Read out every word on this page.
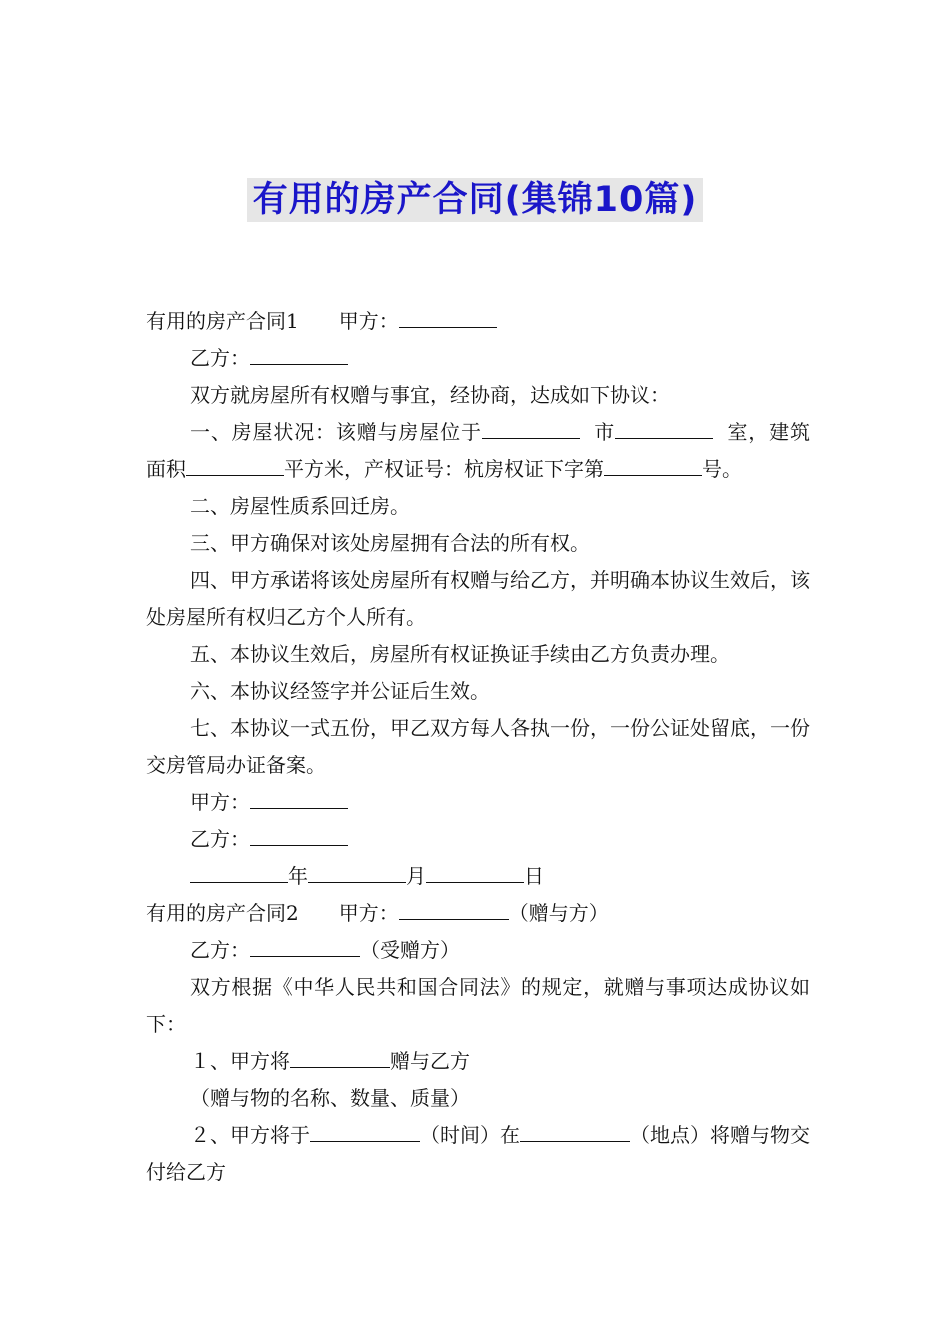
有用的房产合同(集锦10篇)

有用的房产合同1 甲方：

乙方：

双方就房屋所有权赠与事宜，经协商，达成如下协议：

一、房屋状况：该赠与房屋位于	市	室，建筑面积	平方米，产权证号：杭房权证下字第	号。

二、房屋性质系回迁房。

三、甲方确保对该处房屋拥有合法的所有权。

四、甲方承诺将该处房屋所有权赠与给乙方，并明确本协议生效后，该处房屋所有权归乙方个人所有。

五、本协议生效后，房屋所有权证换证手续由乙方负责办理。

六、本协议经签字并公证后生效。

七、本协议一式五份，甲乙双方每人各执一份，一份公证处留底，一份交房管局办证备案。

甲方：

乙方：

年	月	日

有用的房产合同2 甲方：	（赠与方）

乙方：	（受赠方）

双方根据《中华人民共和国合同法》的规定，就赠与事项达成协议如下：

１、甲方将	赠与乙方

（赠与物的名称、数量、质量）

２、甲方将于	（时间）在	（地点）将赠与物交付给乙方
